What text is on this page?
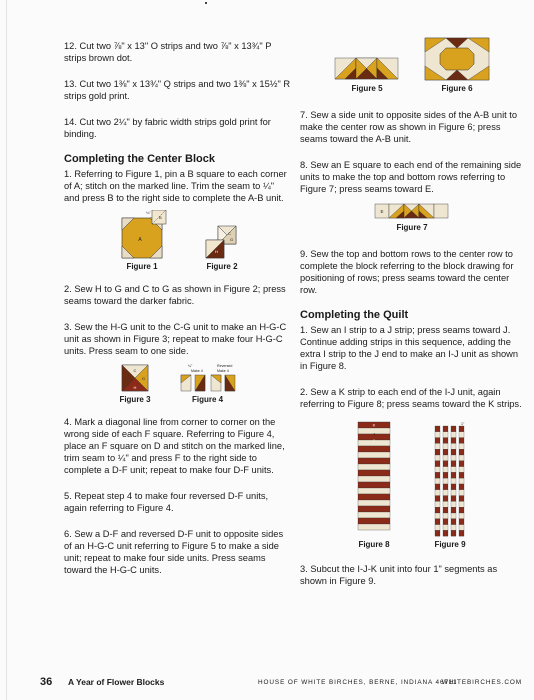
12. Cut two ⅞" x 13" O strips and two ⅞" x 13¾" P strips brown dot.

13. Cut two 1⅜" x 13¾" Q strips and two 1⅜" x 15½" R strips gold print.

14. Cut two 2¼" by fabric width strips gold print for binding.

Completing the Center Block

1. Referring to Figure 1, pin a B square to each corner of A; stitch on the marked line. Trim the seam to ¼" and press B to the right side to complete the A-B unit.

A
B
¼"
Figure 1
C
G
H
Figure 2

2. Sew H to G and C to G as shown in Figure 2; press seams toward the darker fabric.

3. Sew the H-G unit to the C-G unit to make an H-G-C unit as shown in Figure 3; repeat to make four H-G-C units. Press seam to one side.

C
G
H
Figure 3
¼"
Make 4
Reversed
Make 4
Figure 4

4. Mark a diagonal line from corner to corner on the wrong side of each F square. Referring to Figure 4, place an F square on D and stitch on the marked line, trim seam to ¼" and press F to the right side to complete a D-F unit; repeat to make four D-F units.

5. Repeat step 4 to make four reversed D-F units, again referring to Figure 4.

6. Sew a D-F and reversed D-F unit to opposite sides of an H-G-C unit referring to Figure 5 to make a side unit; repeat to make four side units. Press seams toward the H-G-C units.

Figure 5	Figure 6

7. Sew a side unit to opposite sides of the A-B unit to make the center row as shown in Figure 6; press seams toward the A-B unit.

8. Sew an E square to each end of the remaining side units to make the top and bottom rows referring to Figure 7; press seams toward E.

E
Figure 7

9. Sew the top and bottom rows to the center row to complete the block referring to the block drawing for positioning of rows; press seams toward the center row.

Completing the Quilt

1. Sew an I strip to a J strip; press seams toward J. Continue adding strips in this sequence, adding the extra I strip to the J end to make an I-J unit as shown in Figure 8.

2. Sew a K strip to each end of the I-J unit, again referring to Figure 8; press seams toward the K strips.

K
J
I
Figure 8
1"
Figure 9

3. Subcut the I-J-K unit into four 1" segments as shown in Figure 9.

36	A Year of Flower Blocks	HOUSE OF WHITE BIRCHES, BERNE, INDIANA 46711
WHITEBIRCHES.COM
